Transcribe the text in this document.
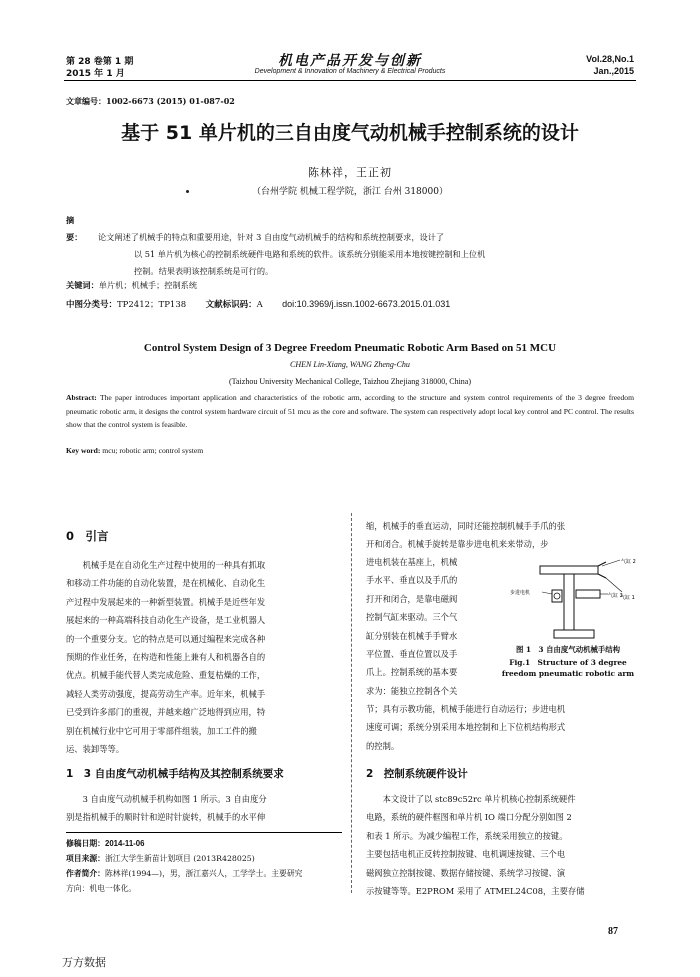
第 28 卷第 1 期
2015 年 1 月
机电产品开发与创新
Development & Innovation of Machinery & Electrical Products
Vol.28,No.1
Jan.,2015
文章编号：1002-6673 (2015) 01-087-02
基于 51 单片机的三自由度气动机械手控制系统的设计
陈林祥，王正初
（台州学院 机械工程学院，浙江 台州 318000）
摘　要： 论文阐述了机械手的特点和重要用途，针对 3 自由度气动机械手的结构和系统控制要求，设计了
以 51 单片机为核心的控制系统硬件电路和系统的软件。该系统分别能采用本地按键控制和上位机
控制。结果表明该控制系统是可行的。
关键词：单片机；机械手；控制系统
中图分类号：TP2412；TP138 文献标识码：A doi:10.3969/j.issn.1002-6673.2015.01.031
Control System Design of 3 Degree Freedom Pneumatic Robotic Arm Based on 51 MCU
CHEN Lin-Xiang, WANG Zheng-Chu
(Taizhou University Mechanical College, Taizhou Zhejiang 318000, China)
Abstract: The paper introduces important application and characteristics of the robotic arm, according to the structure and system control requirements of the 3 degree freedom pneumatic robotic arm, it designs the control system hardware circuit of 51 mcu as the core and software. The system can respectively adopt local key control and PC control. The results show that the control system is feasible.
Key word: mcu; robotic arm; control system
0　引言
机械手是在自动化生产过程中使用的一种具有抓取
和移动工件功能的自动化装置，是在机械化、自动化生
产过程中发展起来的一种新型装置。机械手是近些年发
展起来的一种高端科技自动化生产设备，是工业机器人
的一个重要分支。它的特点是可以通过编程来完成各种
预期的作业任务，在构造和性能上兼有人和机器各自的
优点。机械手能代替人类完成危险、重复枯燥的工作，
减轻人类劳动强度，提高劳动生产率。近年来，机械手
已受到许多部门的重视，并越来越广泛地得到应用，特
别在机械行业中它可用于零部件组装，加工工件的搬
运、装卸等等。
1　3 自由度气动机械手结构及其控制系统要求
3 自由度气动机械手机构如图 1 所示。3 自由度分
别是指机械手的顺时针和逆时针旋转，机械手的水平伸
修稿日期：2014-11-06
项目来源：浙江大学生新苗计划项目 (2013R428025)
作者简介：陈林祥(1994—)，男，浙江嘉兴人，工学学士。主要研究
方向：机电一体化。
缩，机械手的垂直运动，同时还能控制机械手手爪的张
开和闭合。机械手旋转是靠步进电机来来带动，步
进电机装在基座上，机械
手水平、垂直以及手爪的
打开和闭合，是靠电磁阀
控制气缸来驱动。三个气
缸分别装在机械手手臂水
平位置、垂直位置以及手
爪上。控制系统的基本要
求为：能独立控制各个关
气缸 2
气缸 3
气缸 1
步进电机
图 1　3 自由度气动机械手结构
Fig.1　Structure of 3 degree
freedom pneumatic robotic arm
节；具有示教功能，机械手能进行自动运行；步进电机
速度可调；系统分别采用本地控制和上下位机结构形式
的控制。
2　控制系统硬件设计
本文设计了以 stc89c52rc 单片机核心控制系统硬件
电路，系统的硬件框图和单片机 IO 端口分配分别如图 2
和表 1 所示。为减少编程工作，系统采用独立的按键。
主要包括电机正反转控制按键、电机调速按键、三个电
磁阀独立控制按键、数据存储按键、系统学习按键、演
示按键等等。E2PROM 采用了 ATMEL24C08，主要存储
87
万方数据
